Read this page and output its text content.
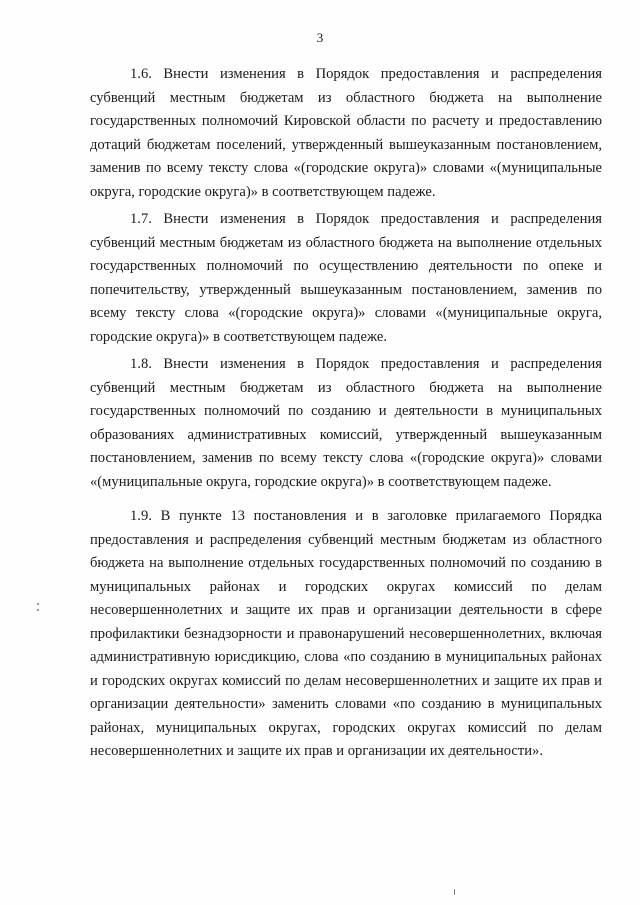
3

1.6. Внести изменения в Порядок предоставления и распределения субвенций местным бюджетам из областного бюджета на выполнение государственных полномочий Кировской области по расчету и предоставлению дотаций бюджетам поселений, утвержденный вышеуказанным постановлением, заменив по всему тексту слова «(городские округа)» словами «(муниципальные округа, городские округа)» в соответствующем падеже.

1.7. Внести изменения в Порядок предоставления и распределения субвенций местным бюджетам из областного бюджета на выполнение отдельных государственных полномочий по осуществлению деятельности по опеке и попечительству, утвержденный вышеуказанным постановлением, заменив по всему тексту слова «(городские округа)» словами «(муниципальные округа, городские округа)» в соответствующем падеже.

1.8. Внести изменения в Порядок предоставления и распределения субвенций местным бюджетам из областного бюджета на выполнение государственных полномочий по созданию и деятельности в муниципальных образованиях административных комиссий, утвержденный вышеуказанным постановлением, заменив по всему тексту слова «(городские округа)» словами «(муниципальные округа, городские округа)» в соответствующем падеже.

1.9. В пункте 13 постановления и в заголовке прилагаемого Порядка предоставления и распределения субвенций местным бюджетам из областного бюджета на выполнение отдельных государственных полномочий по созданию в муниципальных районах и городских округах комиссий по делам несовершеннолетних и защите их прав и организации деятельности в сфере профилактики безнадзорности и правонарушений несовершеннолетних, включая административную юрисдикцию, слова «по созданию в муниципальных районах и городских округах комиссий по делам несовершеннолетних и защите их прав и организации деятельности» заменить словами «по созданию в муниципальных районах, муниципальных округах, городских округах комиссий по делам несовершеннолетних и защите их прав и организации их деятельности».
